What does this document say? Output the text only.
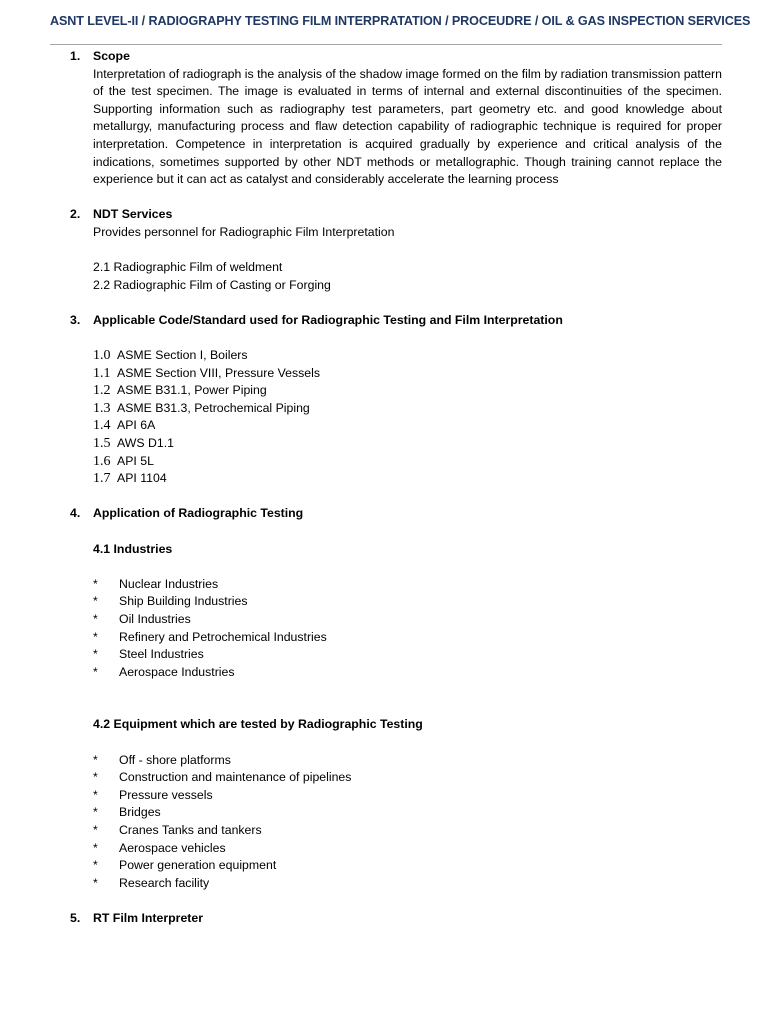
ASNT LEVEL-II / RADIOGRAPHY TESTING FILM INTERPRATATION / PROCEUDRE / OIL & GAS INSPECTION SERVICES
1. Scope
Interpretation of radiograph is the analysis of the shadow image formed on the film by radiation transmission pattern of the test specimen. The image is evaluated in terms of internal and external discontinuities of the specimen. Supporting information such as radiography test parameters, part geometry etc. and good knowledge about metallurgy, manufacturing process and flaw detection capability of radiographic technique is required for proper interpretation. Competence in interpretation is acquired gradually by experience and critical analysis of the indications, sometimes supported by other NDT methods or metallographic. Though training cannot replace the experience but it can act as catalyst and considerably accelerate the learning process
2. NDT Services
Provides personnel for Radiographic Film Interpretation
2.1 Radiographic Film of weldment
2.2 Radiographic Film of Casting or Forging
3. Applicable Code/Standard used for Radiographic Testing and Film Interpretation
1.0 ASME Section I, Boilers
1.1 ASME Section VIII, Pressure Vessels
1.2 ASME B31.1, Power Piping
1.3 ASME B31.3, Petrochemical Piping
1.4 API 6A
1.5 AWS D1.1
1.6 API 5L
1.7 API 1104
4. Application of Radiographic Testing
4.1 Industries
* Nuclear Industries
* Ship Building Industries
* Oil Industries
* Refinery and Petrochemical Industries
* Steel Industries
* Aerospace Industries
4.2 Equipment which are tested by Radiographic Testing
* Off - shore platforms
* Construction and maintenance of pipelines
* Pressure vessels
* Bridges
* Cranes Tanks and tankers
* Aerospace vehicles
* Power generation equipment
* Research facility
5. RT Film Interpreter
